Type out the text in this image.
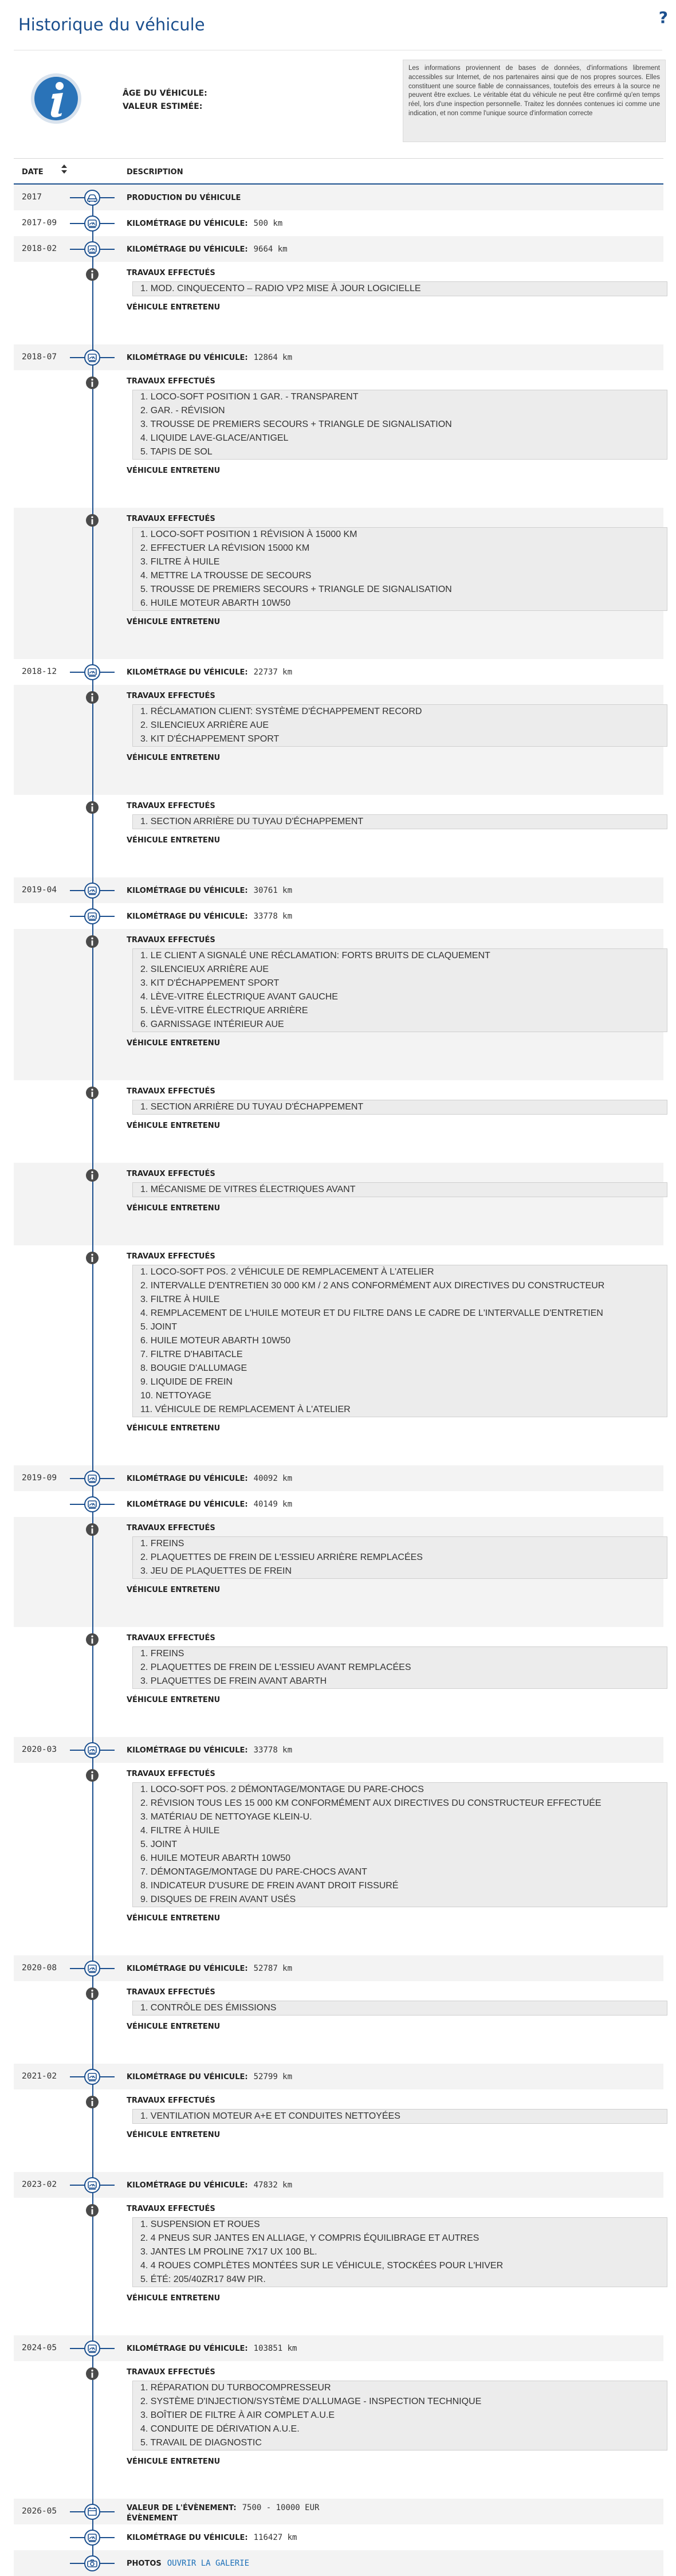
Historique du véhicule	?
ÂGE DU VÉHICULE:
VALEUR ESTIMÉE:
Les informations proviennent de bases de données, d'informations librement accessibles sur Internet, de nos partenaires ainsi que de nos propres sources. Elles constituent une source fiable de connaissances, toutefois des erreurs à la source ne peuvent être exclues. Le véritable état du véhicule ne peut être confirmé qu'en temps réel, lors d'une inspection personnelle. Traitez les données contenues ici comme une indication, et non comme l'unique source d'information correcte
DATE	DESCRIPTION
2017	PRODUCTION DU VÉHICULE
2017-09	KILOMÉTRAGE DU VÉHICULE: 500 km
2018-02	KILOMÉTRAGE DU VÉHICULE: 9664 km
TRAVAUX EFFECTUÉS
1. MOD. CINQUECENTO – RADIO VP2 MISE À JOUR LOGICIELLE
VÉHICULE ENTRETENU
2018-07	KILOMÉTRAGE DU VÉHICULE: 12864 km
TRAVAUX EFFECTUÉS
1. LOCO-SOFT POSITION 1 GAR. - TRANSPARENT
2. GAR. - RÉVISION
3. TROUSSE DE PREMIERS SECOURS + TRIANGLE DE SIGNALISATION
4. LIQUIDE LAVE-GLACE/ANTIGEL
5. TAPIS DE SOL
VÉHICULE ENTRETENU
TRAVAUX EFFECTUÉS
1. LOCO-SOFT POSITION 1 RÉVISION À 15000 KM
2. EFFECTUER LA RÉVISION 15000 KM
3. FILTRE À HUILE
4. METTRE LA TROUSSE DE SECOURS
5. TROUSSE DE PREMIERS SECOURS + TRIANGLE DE SIGNALISATION
6. HUILE MOTEUR ABARTH 10W50
VÉHICULE ENTRETENU
2018-12	KILOMÉTRAGE DU VÉHICULE: 22737 km
TRAVAUX EFFECTUÉS
1. RÉCLAMATION CLIENT: SYSTÈME D'ÉCHAPPEMENT RECORD
2. SILENCIEUX ARRIÈRE AUE
3. KIT D'ÉCHAPPEMENT SPORT
VÉHICULE ENTRETENU
TRAVAUX EFFECTUÉS
1. SECTION ARRIÈRE DU TUYAU D'ÉCHAPPEMENT
VÉHICULE ENTRETENU
2019-04	KILOMÉTRAGE DU VÉHICULE: 30761 km
KILOMÉTRAGE DU VÉHICULE: 33778 km
TRAVAUX EFFECTUÉS
1. LE CLIENT A SIGNALÉ UNE RÉCLAMATION: FORTS BRUITS DE CLAQUEMENT
2. SILENCIEUX ARRIÈRE AUE
3. KIT D'ÉCHAPPEMENT SPORT
4. LÈVE-VITRE ÉLECTRIQUE AVANT GAUCHE
5. LÈVE-VITRE ÉLECTRIQUE ARRIÈRE
6. GARNISSAGE INTÉRIEUR AUE
VÉHICULE ENTRETENU
TRAVAUX EFFECTUÉS
1. SECTION ARRIÈRE DU TUYAU D'ÉCHAPPEMENT
VÉHICULE ENTRETENU
TRAVAUX EFFECTUÉS
1. MÉCANISME DE VITRES ÉLECTRIQUES AVANT
VÉHICULE ENTRETENU
TRAVAUX EFFECTUÉS
1. LOCO-SOFT POS. 2 VÉHICULE DE REMPLACEMENT À L'ATELIER
2. INTERVALLE D'ENTRETIEN 30 000 KM / 2 ANS CONFORMÉMENT AUX DIRECTIVES DU CONSTRUCTEUR
3. FILTRE À HUILE
4. REMPLACEMENT DE L'HUILE MOTEUR ET DU FILTRE DANS LE CADRE DE L'INTERVALLE D'ENTRETIEN
5. JOINT
6. HUILE MOTEUR ABARTH 10W50
7. FILTRE D'HABITACLE
8. BOUGIE D'ALLUMAGE
9. LIQUIDE DE FREIN
10. NETTOYAGE
11. VÉHICULE DE REMPLACEMENT À L'ATELIER
VÉHICULE ENTRETENU
2019-09	KILOMÉTRAGE DU VÉHICULE: 40092 km
KILOMÉTRAGE DU VÉHICULE: 40149 km
TRAVAUX EFFECTUÉS
1. FREINS
2. PLAQUETTES DE FREIN DE L'ESSIEU ARRIÈRE REMPLACÉES
3. JEU DE PLAQUETTES DE FREIN
VÉHICULE ENTRETENU
TRAVAUX EFFECTUÉS
1. FREINS
2. PLAQUETTES DE FREIN DE L'ESSIEU AVANT REMPLACÉES
3. PLAQUETTES DE FREIN AVANT ABARTH
VÉHICULE ENTRETENU
2020-03	KILOMÉTRAGE DU VÉHICULE: 33778 km
TRAVAUX EFFECTUÉS
1. LOCO-SOFT POS. 2 DÉMONTAGE/MONTAGE DU PARE-CHOCS
2. RÉVISION TOUS LES 15 000 KM CONFORMÉMENT AUX DIRECTIVES DU CONSTRUCTEUR EFFECTUÉE
3. MATÉRIAU DE NETTOYAGE KLEIN-U.
4. FILTRE À HUILE
5. JOINT
6. HUILE MOTEUR ABARTH 10W50
7. DÉMONTAGE/MONTAGE DU PARE-CHOCS AVANT
8. INDICATEUR D'USURE DE FREIN AVANT DROIT FISSURÉ
9. DISQUES DE FREIN AVANT USÉS
VÉHICULE ENTRETENU
2020-08	KILOMÉTRAGE DU VÉHICULE: 52787 km
TRAVAUX EFFECTUÉS
1. CONTRÔLE DES ÉMISSIONS
VÉHICULE ENTRETENU
2021-02	KILOMÉTRAGE DU VÉHICULE: 52799 km
TRAVAUX EFFECTUÉS
1. VENTILATION MOTEUR A+E ET CONDUITES NETTOYÉES
VÉHICULE ENTRETENU
2023-02	KILOMÉTRAGE DU VÉHICULE: 47832 km
TRAVAUX EFFECTUÉS
1. SUSPENSION ET ROUES
2. 4 PNEUS SUR JANTES EN ALLIAGE, Y COMPRIS ÉQUILIBRAGE ET AUTRES
3. JANTES LM PROLINE 7X17 UX 100 BL.
4. 4 ROUES COMPLÈTES MONTÉES SUR LE VÉHICULE, STOCKÉES POUR L'HIVER
5. ÉTÉ: 205/40ZR17 84W PIR.
VÉHICULE ENTRETENU
2024-05	KILOMÉTRAGE DU VÉHICULE: 103851 km
TRAVAUX EFFECTUÉS
1. RÉPARATION DU TURBOCOMPRESSEUR
2. SYSTÈME D'INJECTION/SYSTÈME D'ALLUMAGE - INSPECTION TECHNIQUE
3. BOÎTIER DE FILTRE À AIR COMPLET A.U.E
4. CONDUITE DE DÉRIVATION A.U.E.
5. TRAVAIL DE DIAGNOSTIC
VÉHICULE ENTRETENU
2026-05	VALEUR DE L'ÉVÈNEMENT: 7500 - 10000 EUR
ÉVÈNEMENT
KILOMÉTRAGE DU VÉHICULE: 116427 km
PHOTOS OUVRIR LA GALERIE
